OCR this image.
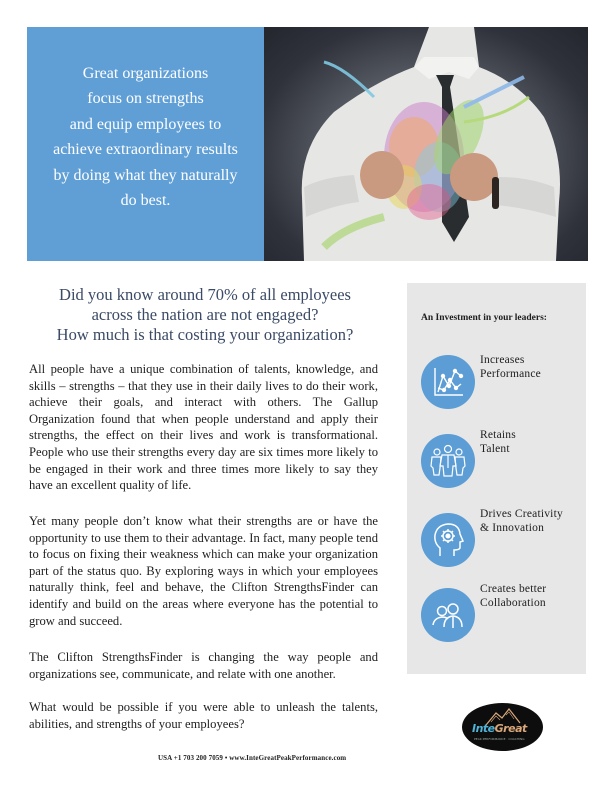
Great organizations
focus on strengths
and equip employees to
achieve extraordinary results
by doing what they naturally
do best.
Did you know around 70% of all employees
across the nation are not engaged?
How much is that costing your organization?

All people have a unique combination of talents, knowledge, and skills – strengths – that they use in their daily lives to do their work, achieve their goals, and interact with others. The Gallup Organization found that when people understand and apply their strengths, the effect on their lives and work is transformational. People who use their strengths every day are six times more likely to be engaged in their work and three times more likely to say they have an excellent quality of life.

Yet many people don’t know what their strengths are or have the opportunity to use them to their advantage. In fact, many people tend to focus on fixing their weakness which can make your organization part of the status quo. By exploring ways in which your employees naturally think, feel and behave, the Clifton StrengthsFinder can identify and build on the areas where everyone has the potential to grow and succeed.

The Clifton StrengthsFinder is changing the way people and organizations see, communicate, and relate with one another.

What would be possible if you were able to unleash the talents, abilities, and strengths of your employees?

USA +1 703 200 7059 • www.InteGreatPeakPerformance.com
An Investment in your leaders:
Increases
Performance
Retains
Talent
Drives Creativity
& Innovation
Creates better
Collaboration
InteGreat
PEAK PERFORMANCE · COACHING
